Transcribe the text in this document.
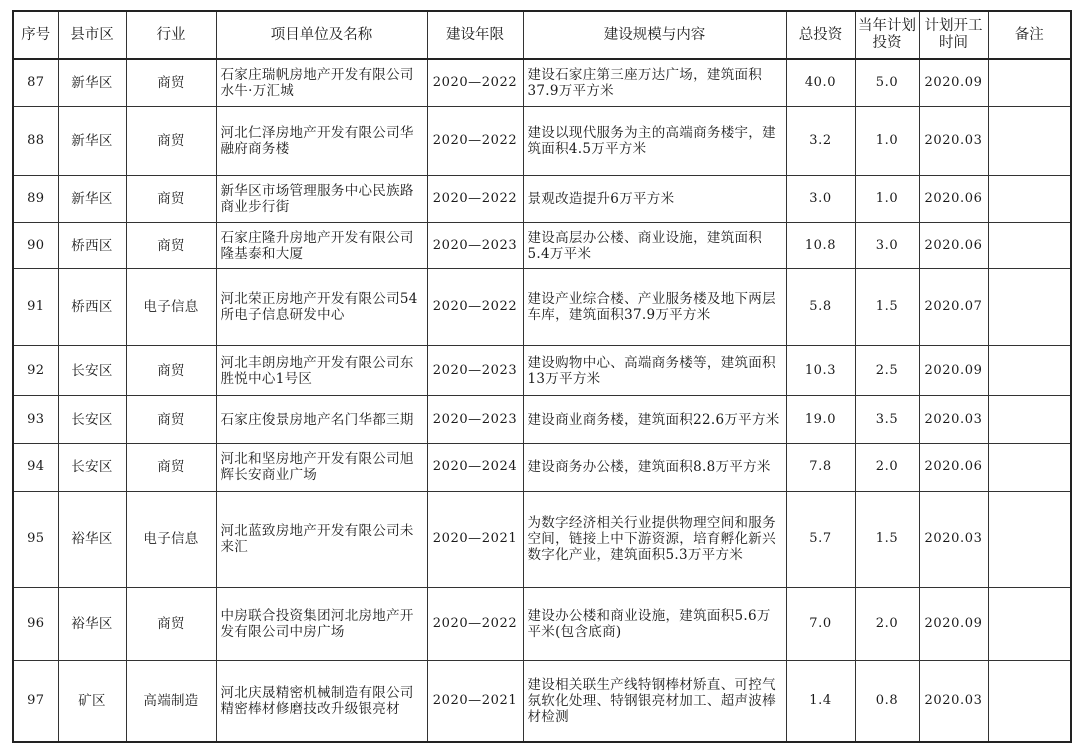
序号	县市区	行业	项目单位及名称	建设年限	建设规模与内容	总投资	当年计划投资	计划开工时间	备注
87	新华区	商贸	石家庄瑞帆房地产开发有限公司水牛·万汇城	2020—2022	建设石家庄第三座万达广场，建筑面积37.9万平方米	40.0	5.0	2020.09	
88	新华区	商贸	河北仁泽房地产开发有限公司华融府商务楼	2020—2022	建设以现代服务为主的高端商务楼宇，建筑面积4.5万平方米	3.2	1.0	2020.03	
89	新华区	商贸	新华区市场管理服务中心民族路商业步行街	2020—2022	景观改造提升6万平方米	3.0	1.0	2020.06	
90	桥西区	商贸	石家庄隆升房地产开发有限公司隆基泰和大厦	2020—2023	建设高层办公楼、商业设施，建筑面积5.4万平米	10.8	3.0	2020.06	
91	桥西区	电子信息	河北荣正房地产开发有限公司54所电子信息研发中心	2020—2022	建设产业综合楼、产业服务楼及地下两层车库，建筑面积37.9万平方米	5.8	1.5	2020.07	
92	长安区	商贸	河北丰朗房地产开发有限公司东胜悦中心1号区	2020—2023	建设购物中心、高端商务楼等，建筑面积13万平方米	10.3	2.5	2020.09	
93	长安区	商贸	石家庄俊景房地产名门华都三期	2020—2023	建设商业商务楼，建筑面积22.6万平方米	19.0	3.5	2020.03	
94	长安区	商贸	河北和坚房地产开发有限公司旭辉长安商业广场	2020—2024	建设商务办公楼，建筑面积8.8万平方米	7.8	2.0	2020.06	
95	裕华区	电子信息	河北蓝致房地产开发有限公司未来汇	2020—2021	为数字经济相关行业提供物理空间和服务空间，链接上中下游资源，培育孵化新兴数字化产业，建筑面积5.3万平方米	5.7	1.5	2020.03	
96	裕华区	商贸	中房联合投资集团河北房地产开发有限公司中房广场	2020—2022	建设办公楼和商业设施，建筑面积5.6万平米(包含底商)	7.0	2.0	2020.09	
97	矿区	高端制造	河北庆晟精密机械制造有限公司精密棒材修磨技改升级银亮材	2020—2021	建设相关联生产线特钢棒材矫直、可控气氛软化处理、特钢银亮材加工、超声波棒材检测	1.4	0.8	2020.03	
